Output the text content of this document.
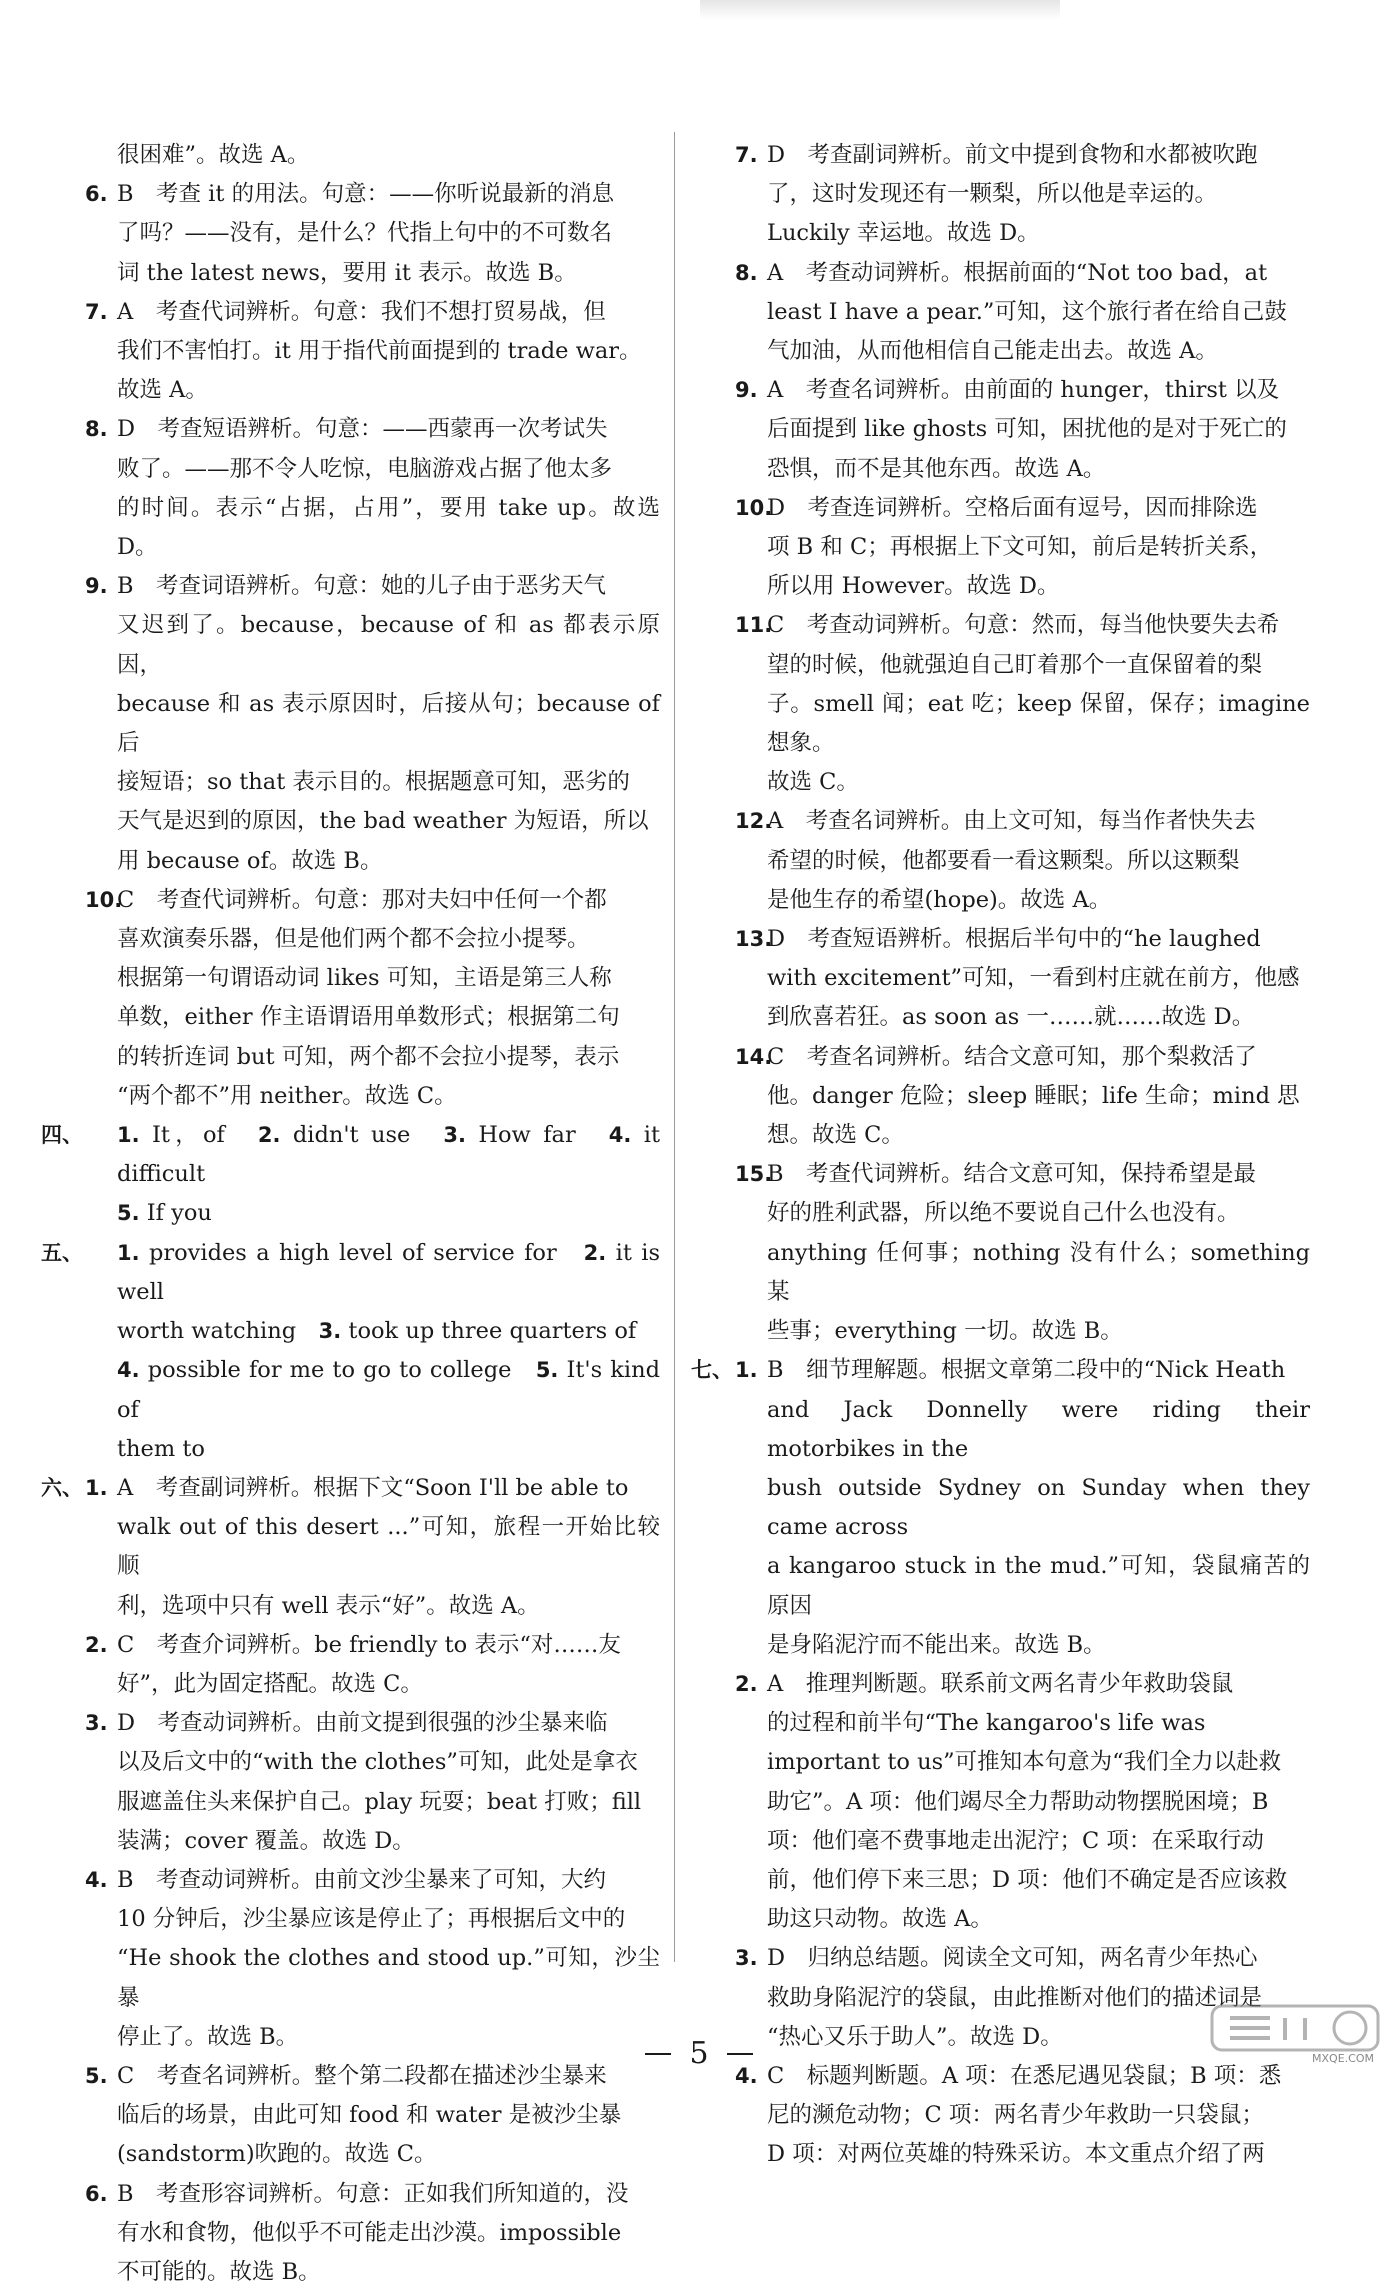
很困难”。故选 A。

6. B　考查 it 的用法。句意：——你听说最新的消息
了吗？——没有，是什么？代指上句中的不可数名
词 the latest news，要用 it 表示。故选 B。

7. A　考查代词辨析。句意：我们不想打贸易战，但
我们不害怕打。it 用于指代前面提到的 trade war。
故选 A。

8. D　考查短语辨析。句意：——西蒙再一次考试失
败了。——那不令人吃惊，电脑游戏占据了他太多
的时间。表示“占据，占用”，要用 take up。故选 D。

9. B　考查词语辨析。句意：她的儿子由于恶劣天气
又迟到了。because，because of 和 as 都表示原因，
because 和 as 表示原因时，后接从句；because of 后
接短语；so that 表示目的。根据题意可知，恶劣的
天气是迟到的原因，the bad weather 为短语，所以
用 because of。故选 B。

10.
C　考查代词辨析。句意：那对夫妇中任何一个都
喜欢演奏乐器，但是他们两个都不会拉小提琴。
根据第一句谓语动词 likes 可知，主语是第三人称
单数，either 作主语谓语用单数形式；根据第二句
的转折连词 but 可知，两个都不会拉小提琴，表示
“两个都不”用 neither。故选 C。

四、 1. It，of　2. didn't use　3. How far　4. it difficult

5. If you

五、 1. provides a high level of service for　2. it is well

worth watching　3. took up three quarters of

4. possible for me to go to college　5. It's kind of

them to

六、 1. A　考查副词辨析。根据下文“Soon I'll be able to
walk out of this desert ...”可知，旅程一开始比较顺
利，选项中只有 well 表示“好”。故选 A。

2. C　考查介词辨析。be friendly to 表示“对……友
好”，此为固定搭配。故选 C。

3. D　考查动词辨析。由前文提到很强的沙尘暴来临
以及后文中的“with the clothes”可知，此处是拿衣
服遮盖住头来保护自己。play 玩耍；beat 打败；fill
装满；cover 覆盖。故选 D。

4. B　考查动词辨析。由前文沙尘暴来了可知，大约
10 分钟后，沙尘暴应该是停止了；再根据后文中的
“He shook the clothes and stood up.”可知，沙尘暴
停止了。故选 B。

5. C　考查名词辨析。整个第二段都在描述沙尘暴来
临后的场景，由此可知 food 和 water 是被沙尘暴
(sandstorm)吹跑的。故选 C。

6. B　考查形容词辨析。句意：正如我们所知道的，没
有水和食物，他似乎不可能走出沙漠。impossible
不可能的。故选 B。

7. D　考查副词辨析。前文中提到食物和水都被吹跑
了，这时发现还有一颗梨，所以他是幸运的。
Luckily 幸运地。故选 D。

8. A　考查动词辨析。根据前面的“Not too bad，at
least I have a pear.”可知，这个旅行者在给自己鼓
气加油，从而他相信自己能走出去。故选 A。

9. A　考查名词辨析。由前面的 hunger，thirst 以及
后面提到 like ghosts 可知，困扰他的是对于死亡的
恐惧，而不是其他东西。故选 A。

10.
D　考查连词辨析。空格后面有逗号，因而排除选
项 B 和 C；再根据上下文可知，前后是转折关系，
所以用 However。故选 D。

11.
C　考查动词辨析。句意：然而，每当他快要失去希
望的时候，他就强迫自己盯着那个一直保留着的梨
子。smell 闻；eat 吃；keep 保留，保存；imagine 想象。
故选 C。

12.
A　考查名词辨析。由上文可知，每当作者快失去
希望的时候，他都要看一看这颗梨。所以这颗梨
是他生存的希望(hope)。故选 A。

13.
D　考查短语辨析。根据后半句中的“he laughed
with excitement”可知，一看到村庄就在前方，他感
到欣喜若狂。as soon as 一……就……故选 D。

14.
C　考查名词辨析。结合文意可知，那个梨救活了
他。danger 危险；sleep 睡眠；life 生命；mind 思
想。故选 C。

15.
B　考查代词辨析。结合文意可知，保持希望是最
好的胜利武器，所以绝不要说自己什么也没有。
anything 任何事；nothing 没有什么；something 某
些事；everything 一切。故选 B。

七、 1. B　细节理解题。根据文章第二段中的“Nick Heath
and Jack Donnelly were riding their motorbikes in the
bush outside Sydney on Sunday when they came across
a kangaroo stuck in the mud.”可知，袋鼠痛苦的原因
是身陷泥泞而不能出来。故选 B。

2. A　推理判断题。联系前文两名青少年救助袋鼠
的过程和前半句“The kangaroo's life was
important to us”可推知本句意为“我们全力以赴救
助它”。A 项：他们竭尽全力帮助动物摆脱困境；B
项：他们毫不费事地走出泥泞；C 项：在采取行动
前，他们停下来三思；D 项：他们不确定是否应该救
助这只动物。故选 A。

3. D　归纳总结题。阅读全文可知，两名青少年热心
救助身陷泥泞的袋鼠，由此推断对他们的描述词是
“热心又乐于助人”。故选 D。

4. C　标题判断题。A 项：在悉尼遇见袋鼠；B 项：悉
尼的濒危动物；C 项：两名青少年救助一只袋鼠；
D 项：对两位英雄的特殊采访。本文重点介绍了两

5	MXQE.COM
